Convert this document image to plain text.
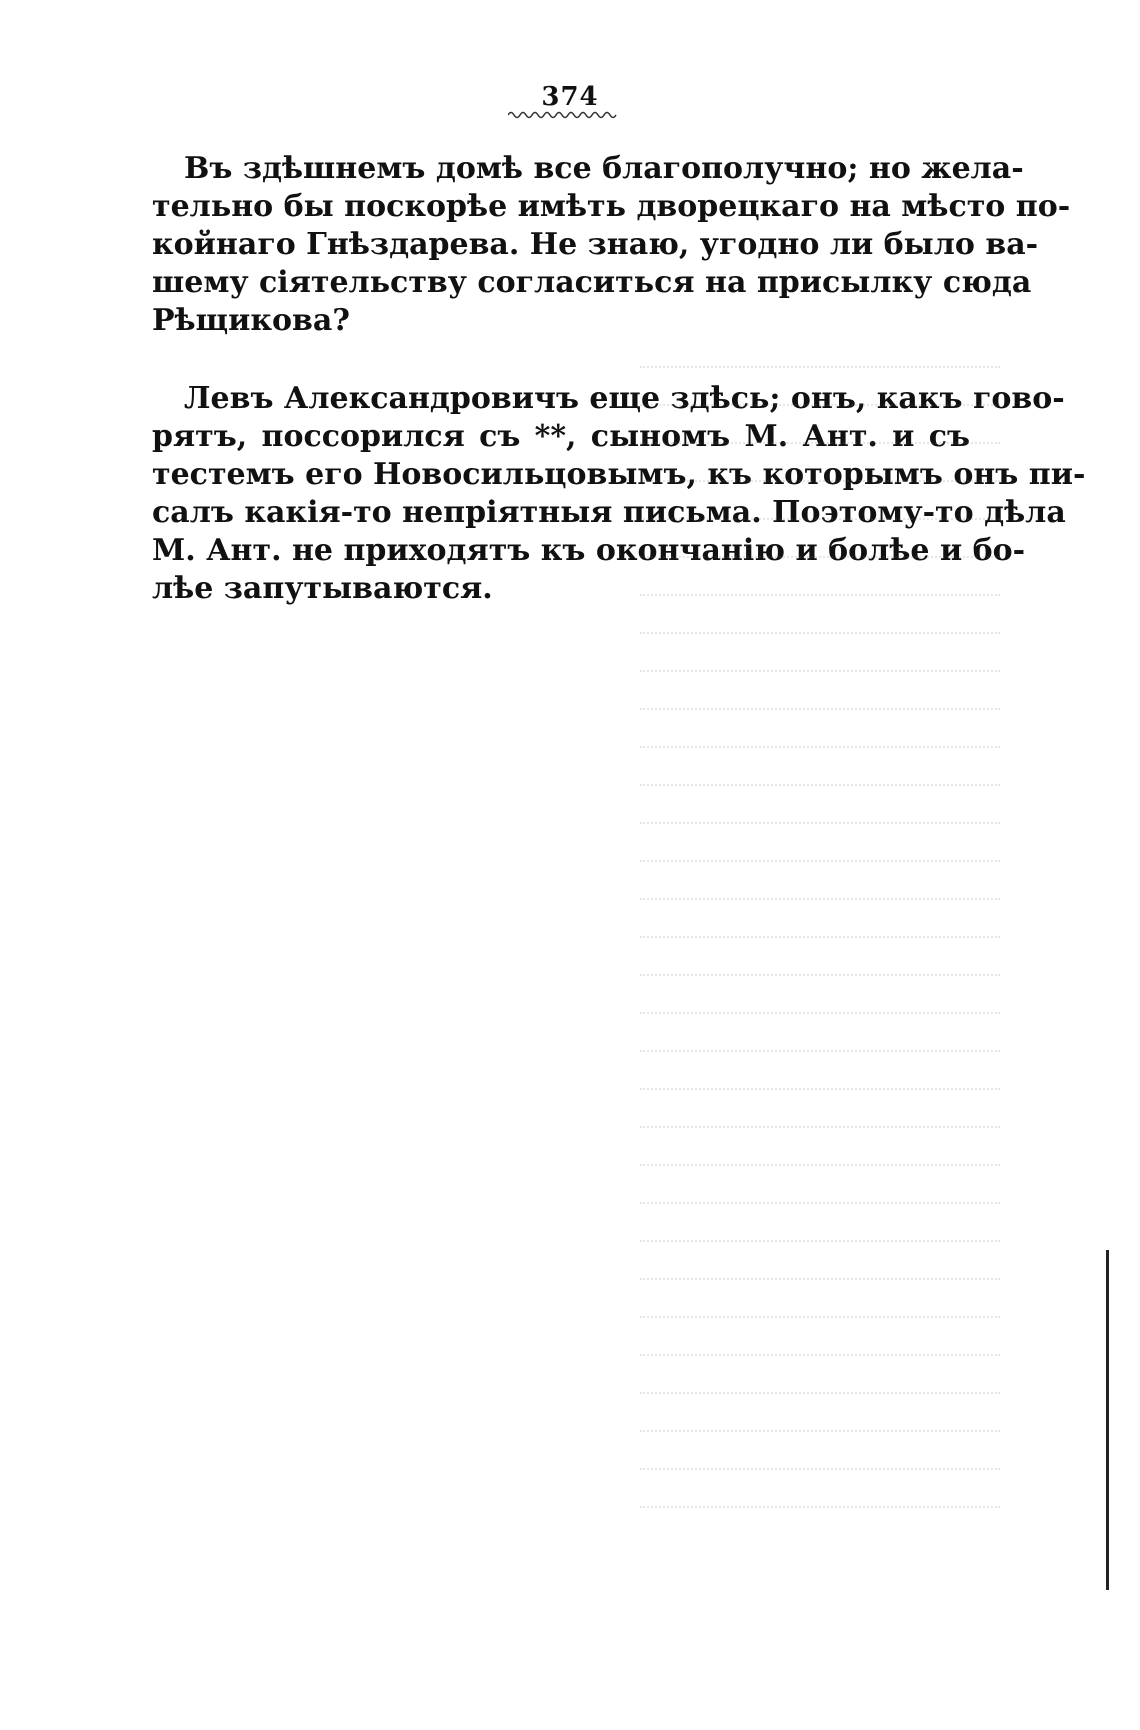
374
Въ здѣшнемъ домѣ все благополучно; но жела-
тельно бы поскорѣе имѣть дворецкаго на мѣсто по-
койнаго Гнѣздарева. Не знаю, угодно ли было ва-
шему сіятельству согласиться на присылку сюда
Рѣщикова?
Левъ Александровичъ еще здѣсь; онъ, какъ гово-
рятъ, поссорился съ **, сыномъ М. Ант. и съ
тестемъ его Новосильцовымъ, къ которымъ онъ пи-
салъ какія-то непріятныя письма. Поэтому-то дѣла
М. Ант. не приходятъ къ окончанію и болѣе и бо-
лѣе запутываются.
